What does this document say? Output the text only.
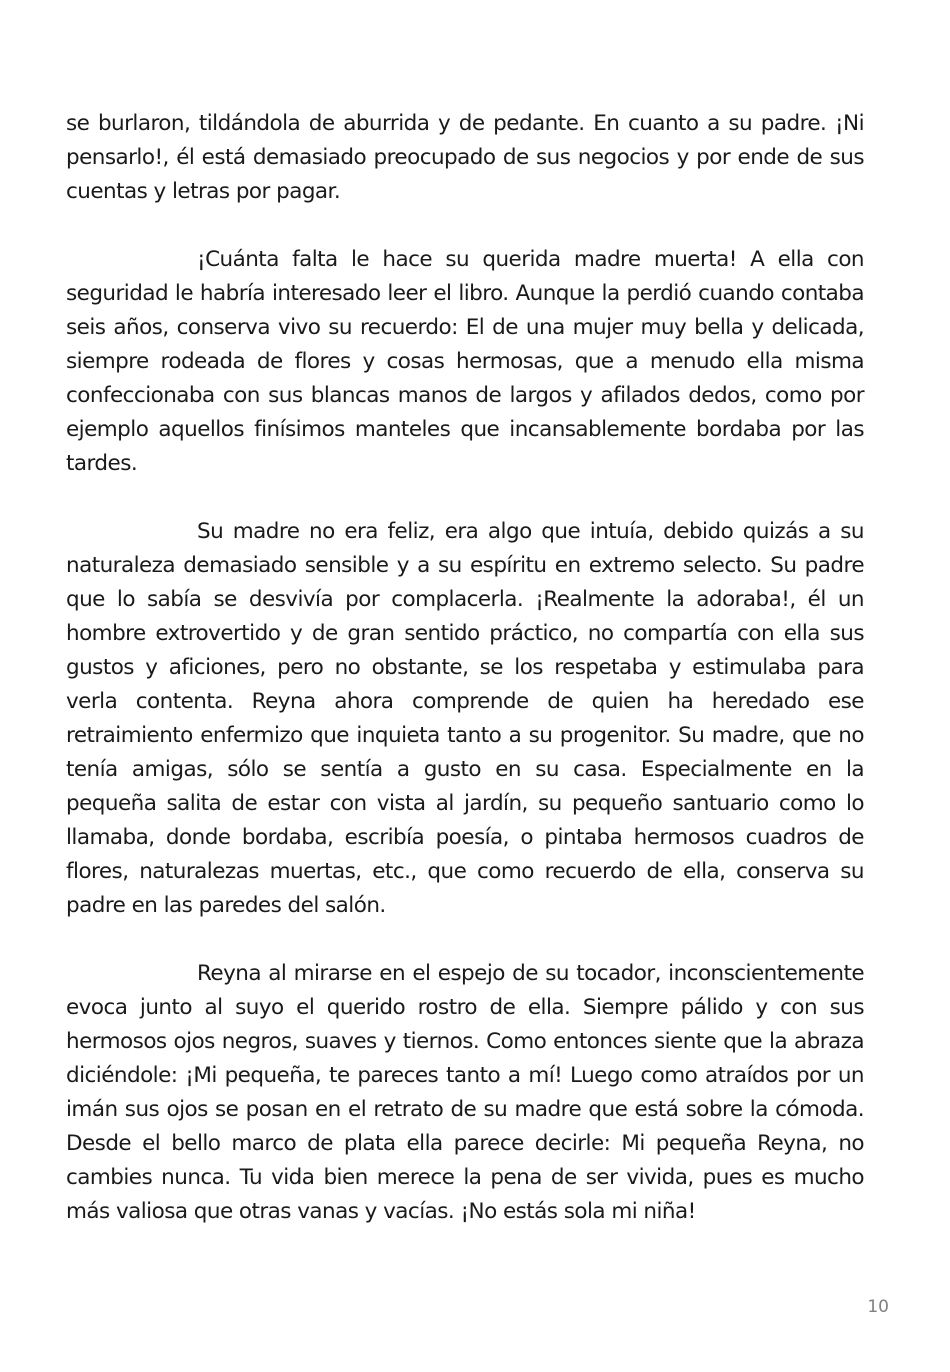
se burlaron, tildándola de aburrida y de pedante. En cuanto a su padre. ¡Ni pensarlo!, él está demasiado preocupado de sus negocios y por ende de sus cuentas y letras por pagar.

¡Cuánta falta le hace su querida madre muerta! A ella con seguridad le habría interesado leer el libro. Aunque la perdió cuando contaba seis años, conserva vivo su recuerdo: El de una mujer muy bella y delicada, siempre rodeada de flores y cosas hermosas, que a menudo ella misma confeccionaba con sus blancas manos de largos y afilados dedos, como por ejemplo aquellos finísimos manteles que incansablemente bordaba por las tardes.

Su madre no era feliz, era algo que intuía, debido quizás a su naturaleza demasiado sensible y a su espíritu en extremo selecto. Su padre que lo sabía se desvivía por complacerla. ¡Realmente la adoraba!, él un hombre extrovertido y de gran sentido práctico, no compartía con ella sus gustos y aficiones, pero no obstante, se los respetaba y estimulaba para verla contenta. Reyna ahora comprende de quien ha heredado ese retraimiento enfermizo que inquieta tanto a su progenitor. Su madre, que no tenía amigas, sólo se sentía a gusto en su casa. Especialmente en la pequeña salita de estar con vista al jardín, su pequeño santuario como lo llamaba, donde bordaba, escribía poesía, o pintaba hermosos cuadros de flores, naturalezas muertas, etc., que como recuerdo de ella, conserva su padre en las paredes del salón.

Reyna al mirarse en el espejo de su tocador, inconscientemente evoca junto al suyo el querido rostro de ella. Siempre pálido y con sus hermosos ojos negros, suaves y tiernos. Como entonces siente que la abraza diciéndole: ¡Mi pequeña, te pareces tanto a mí! Luego como atraídos por un imán sus ojos se posan en el retrato de su madre que está sobre la cómoda. Desde el bello marco de plata ella parece decirle: Mi pequeña Reyna, no cambies nunca. Tu vida bien merece la pena de ser vivida, pues es mucho más valiosa que otras vanas y vacías. ¡No estás sola mi niña!

10
